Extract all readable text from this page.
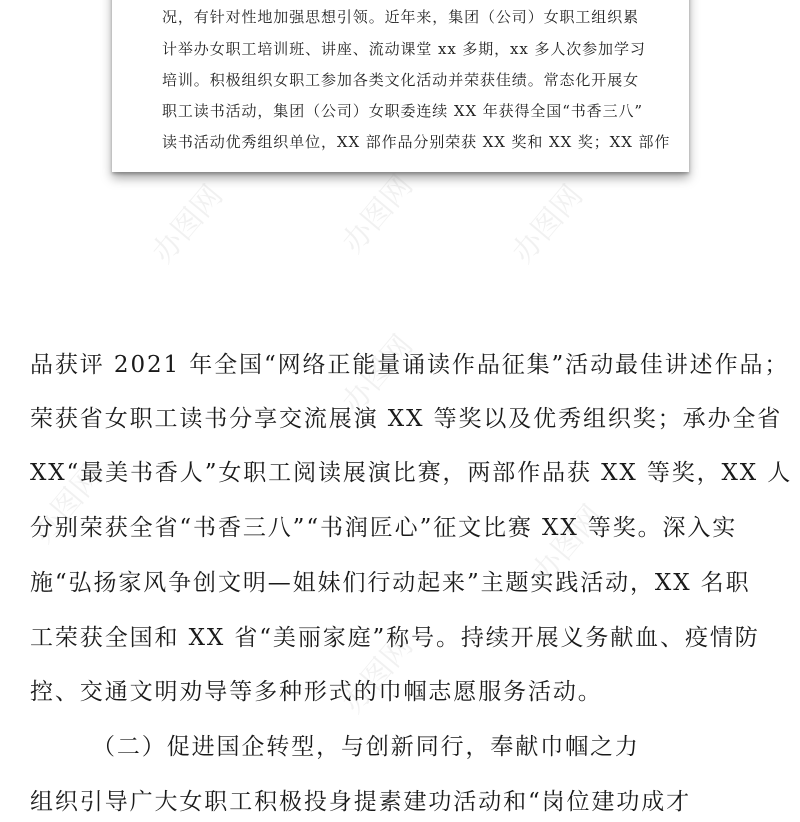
况，有针对性地加强思想引领。近年来，集团（公司）女职工组织累
计举办女职工培训班、讲座、流动课堂 xx 多期，xx 多人次参加学习
培训。积极组织女职工参加各类文化活动并荣获佳绩。常态化开展女
职工读书活动，集团（公司）女职委连续 XX 年获得全国“书香三八”
读书活动优秀组织单位，XX 部作品分别荣获 XX 奖和 XX 奖；XX 部作
品获评 2021 年全国“网络正能量诵读作品征集”活动最佳讲述作品；
荣获省女职工读书分享交流展演 XX 等奖以及优秀组织奖；承办全省
XX“最美书香人”女职工阅读展演比赛，两部作品获 XX 等奖，XX 人
分别荣获全省“书香三八”“书润匠心”征文比赛 XX 等奖。深入实
施“弘扬家风争创文明—姐妹们行动起来”主题实践活动，XX 名职
工荣获全国和 XX 省“美丽家庭”称号。持续开展义务献血、疫情防
控、交通文明劝导等多种形式的巾帼志愿服务活动。
（二）促进国企转型，与创新同行，奉献巾帼之力
组织引导广大女职工积极投身提素建功活动和“岗位建功成才
办图网	办图网	办图网
办图网
办图网
办图网
办图网
